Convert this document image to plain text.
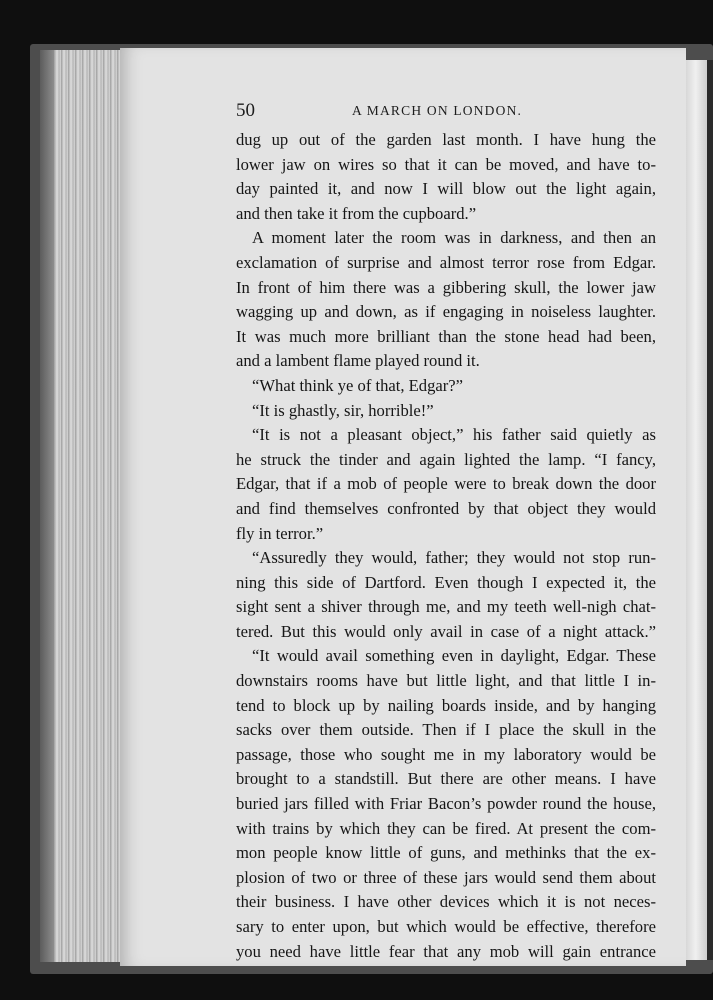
50	A MARCH ON LONDON.
dug up out of the garden last month. I have hung the
lower jaw on wires so that it can be moved, and have to-
day painted it, and now I will blow out the light again,
and then take it from the cupboard.”
A moment later the room was in darkness, and then an
exclamation of surprise and almost terror rose from Edgar.
In front of him there was a gibbering skull, the lower jaw
wagging up and down, as if engaging in noiseless laughter.
It was much more brilliant than the stone head had been,
and a lambent flame played round it.
“What think ye of that, Edgar?”
“It is ghastly, sir, horrible!”
“It is not a pleasant object,” his father said quietly as
he struck the tinder and again lighted the lamp. “I fancy,
Edgar, that if a mob of people were to break down the door
and find themselves confronted by that object they would
fly in terror.”
“Assuredly they would, father; they would not stop run-
ning this side of Dartford. Even though I expected it, the
sight sent a shiver through me, and my teeth well-nigh chat-
tered. But this would only avail in case of a night attack.”
“It would avail something even in daylight, Edgar. These
downstairs rooms have but little light, and that little I in-
tend to block up by nailing boards inside, and by hanging
sacks over them outside. Then if I place the skull in the
passage, those who sought me in my laboratory would be
brought to a standstill. But there are other means. I have
buried jars filled with Friar Bacon’s powder round the house,
with trains by which they can be fired. At present the com-
mon people know little of guns, and methinks that the ex-
plosion of two or three of these jars would send them about
their business. I have other devices which it is not neces-
sary to enter upon, but which would be effective, therefore
you need have little fear that any mob will gain entrance
